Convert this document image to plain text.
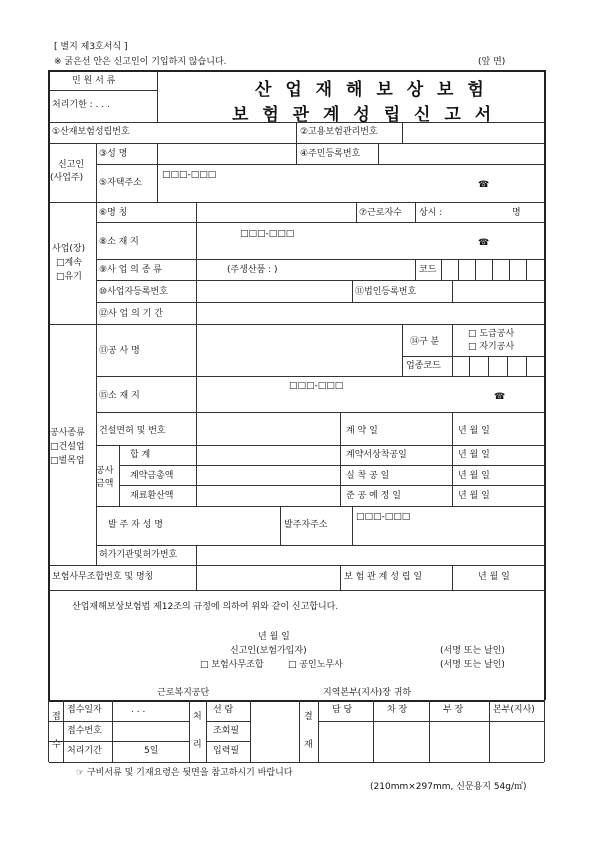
[ 별지 제3호서식 ]
※ 굵은선 안은 신고인이 기입하지 않습니다.	(앞 면)
민 원 서 류
처리기한 : . . .
산 업 재 해 보 상 보 험
보 험 관 계 성 립 신 고 서
①산재보험성립번호	②고용보험관리번호
신고인
(사업주)
③성 명	④주민등록번호
⑤자택주소
□□□-□□□
☎
사업(장)
□계속
□유기
⑥명 칭	⑦근로자수 상시 :	명
⑧소 재 지
□□□-□□□
☎
⑨사 업 의 종 류	(주생산품 : )	코드
⑩사업자등록번호	⑪법인등록번호
⑫사 업 의 기 간
공사종류
□건설업
□벌목업
⑬공 사 명
⑭구 분
□ 도급공사
□ 자기공사
업종코드
⑮소 재 지
□□□-□□□
☎
건설면허 및 번호	계 약 일	년 월 일
공사
금액
합 계	계약서상착공일	년 월 일
계약금총액	실 착 공 일	년 월 일
재료환산액	준 공 예 정 일	년 월 일
발 주 자 성 명	발주자주소
□□□-□□□
허가기관및허가번호
보험사무조합번호 및 명칭	보 험 관 계 성 립 일	년 월 일
산업재해보상보험법 제12조의 규정에 의하여 위와 같이 신고합니다.
년 월 일
신고인(보험가입자)	(서명 또는 날인)
□ 보험사무조합	□ 공인노무사	(서명 또는 날인)
근로복지공단	지역본부(지사)장 귀하
접
수
접수일자	. . .
접수번호
처리기간	5일
처
리
선 람
조회필
입력필
결
재
담 당	차 장	부 장	본부(지사)
☞ 구비서류 및 기재요령은 뒷면을 참고하시기 바랍니다
(210mm×297mm, 신문용지 54g/㎡)
